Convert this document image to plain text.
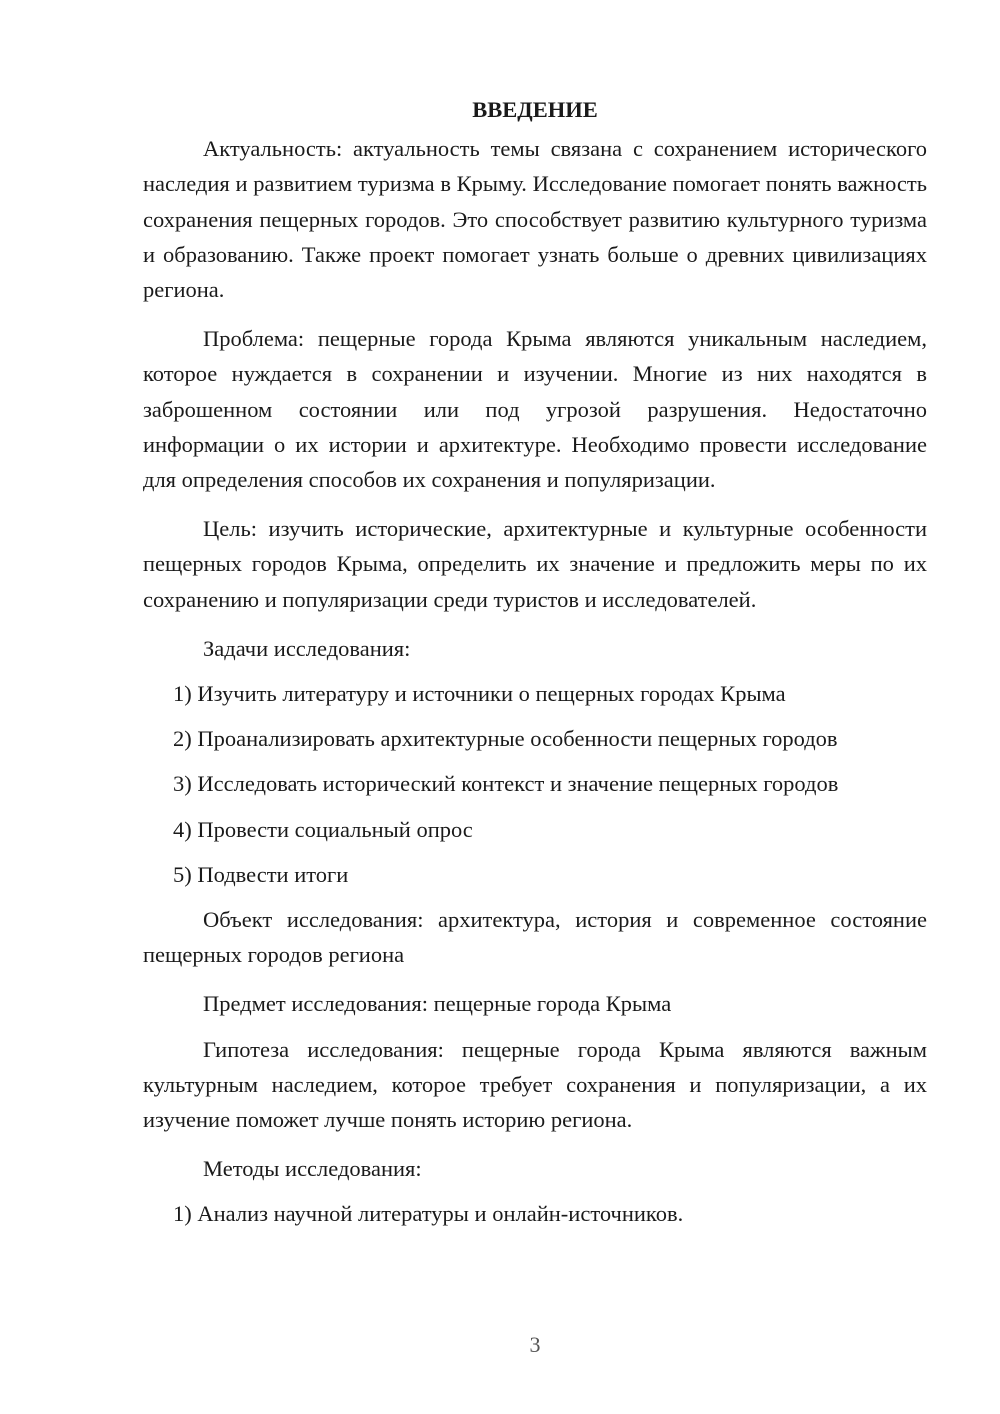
ВВЕДЕНИЕ

Актуальность: актуальность темы связана с сохранением исторического наследия и развитием туризма в Крыму. Исследование помогает понять важность сохранения пещерных городов. Это способствует развитию культурного туризма и образованию. Также проект помогает узнать больше о древних цивилизациях региона.

Проблема: пещерные города Крыма являются уникальным наследием, которое нуждается в сохранении и изучении. Многие из них находятся в заброшенном состоянии или под угрозой разрушения. Недостаточно информации о их истории и архитектуре. Необходимо провести исследование для определения способов их сохранения и популяризации.

Цель: изучить исторические, архитектурные и культурные особенности пещерных городов Крыма, определить их значение и предложить меры по их сохранению и популяризации среди туристов и исследователей.

Задачи исследования:

1) Изучить литературу и источники о пещерных городах Крыма

2) Проанализировать архитектурные особенности пещерных городов

3) Исследовать исторический контекст и значение пещерных городов

4) Провести социальный опрос

5) Подвести итоги

Объект исследования: архитектура, история и современное состояние пещерных городов региона

Предмет исследования: пещерные города Крыма

Гипотеза исследования: пещерные города Крыма являются важным культурным наследием, которое требует сохранения и популяризации, а их изучение поможет лучше понять историю региона.

Методы исследования:

1) Анализ научной литературы и онлайн-источников.

3
